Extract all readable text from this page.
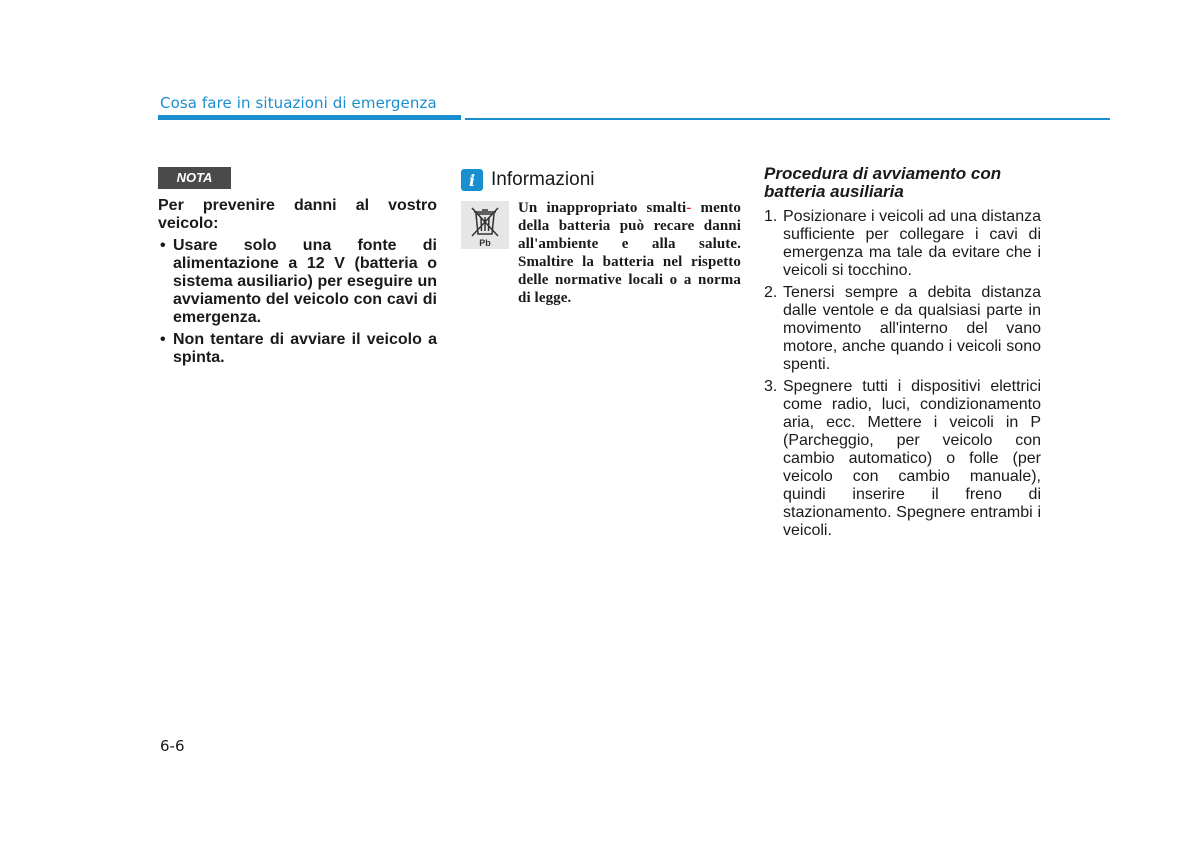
Cosa fare in situazioni di emergenza
NOTA
Per prevenire danni al vostro veicolo:
• Usare solo una fonte di alimentazione a 12 V (batteria o sistema ausiliario) per eseguire un avviamento del veicolo con cavi di emergenza.
• Non tentare di avviare il veicolo a spinta.
i Informazioni
Pb
Un inappropriato smalti- mento della batteria può recare danni all'ambiente e alla salute. Smaltire la batteria nel rispetto delle normative locali o a norma di legge.
Procedura di avviamento con batteria ausiliaria
1. Posizionare i veicoli ad una distanza sufficiente per collegare i cavi di emergenza ma tale da evitare che i veicoli si tocchino.
2. Tenersi sempre a debita distanza dalle ventole e da qualsiasi parte in movimento all'interno del vano motore, anche quando i veicoli sono spenti.
3. Spegnere tutti i dispositivi elettrici come radio, luci, condizionamento aria, ecc. Mettere i veicoli in P (Parcheggio, per veicolo con cambio automatico) o folle (per veicolo con cambio manuale), quindi inserire il freno di stazionamento. Spegnere entrambi i veicoli.
6-6
